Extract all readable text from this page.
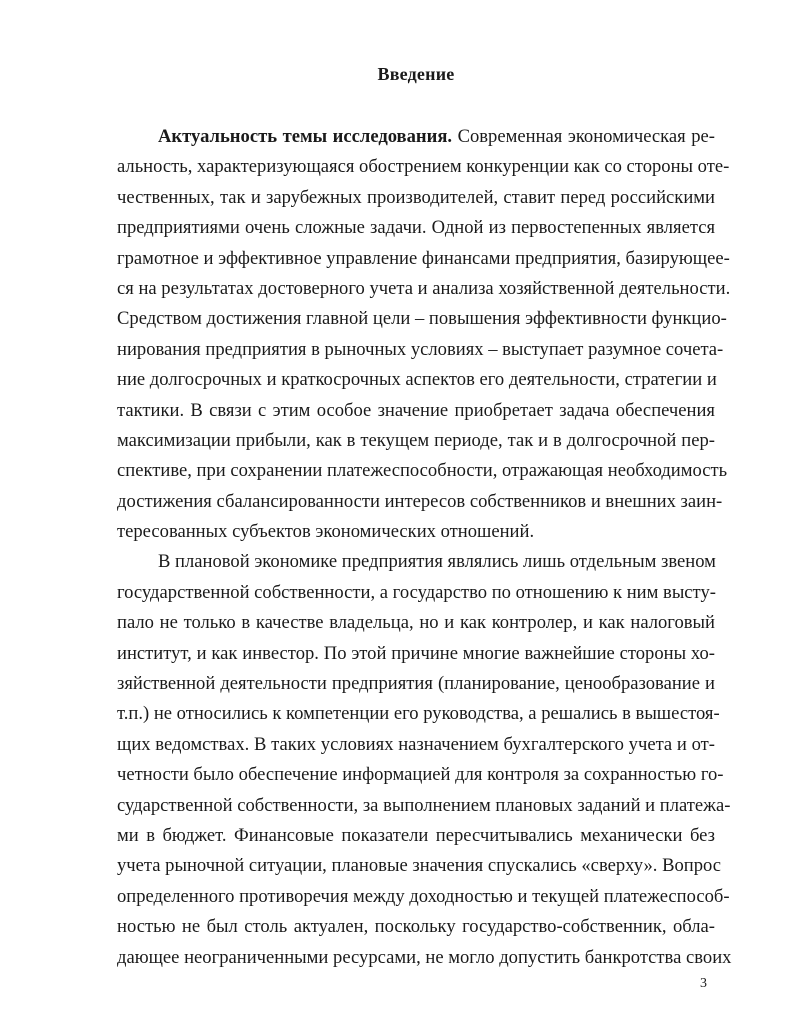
Введение
Актуальность темы исследования. Современная экономическая ре-
альность, характеризующаяся обострением конкуренции как со стороны оте-
чественных, так и зарубежных производителей, ставит перед российскими
предприятиями очень сложные задачи. Одной из первостепенных является
грамотное и эффективное управление финансами предприятия, базирующее-
ся на результатах достоверного учета и анализа хозяйственной деятельности.
Средством достижения главной цели – повышения эффективности функцио-
нирования предприятия в рыночных условиях – выступает разумное сочета-
ние долгосрочных и краткосрочных аспектов его деятельности, стратегии и
тактики. В связи с этим особое значение приобретает задача обеспечения
максимизации прибыли, как в текущем периоде, так и в долгосрочной пер-
спективе, при сохранении платежеспособности, отражающая необходимость
достижения сбалансированности интересов собственников и внешних заин-
тересованных субъектов экономических отношений.
В плановой экономике предприятия являлись лишь отдельным звеном
государственной собственности, а государство по отношению к ним высту-
пало не только в качестве владельца, но и как контролер, и как налоговый
институт, и как инвестор. По этой причине многие важнейшие стороны хо-
зяйственной деятельности предприятия (планирование, ценообразование и
т.п.) не относились к компетенции его руководства, а решались в вышестоя-
щих ведомствах. В таких условиях назначением бухгалтерского учета и от-
четности было обеспечение информацией для контроля за сохранностью го-
сударственной собственности, за выполнением плановых заданий и платежа-
ми в бюджет. Финансовые показатели пересчитывались механически без
учета рыночной ситуации, плановые значения спускались «сверху». Вопрос
определенного противоречия между доходностью и текущей платежеспособ-
ностью не был столь актуален, поскольку государство-собственник, обла-
дающее неограниченными ресурсами, не могло допустить банкротства своих
3
